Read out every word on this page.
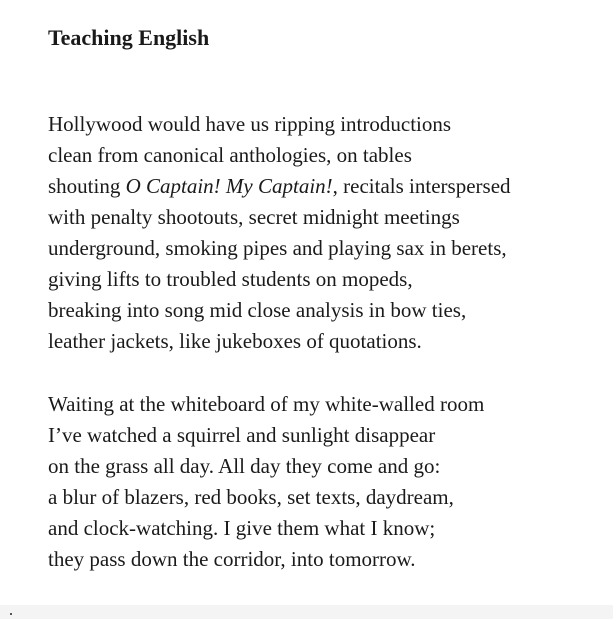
Teaching English
Hollywood would have us ripping introductions
clean from canonical anthologies, on tables
shouting O Captain! My Captain!, recitals interspersed
with penalty shootouts, secret midnight meetings
underground, smoking pipes and playing sax in berets,
giving lifts to troubled students on mopeds,
breaking into song mid close analysis in bow ties,
leather jackets, like jukeboxes of quotations.
Waiting at the whiteboard of my white-walled room
I’ve watched a squirrel and sunlight disappear
on the grass all day. All day they come and go:
a blur of blazers, red books, set texts, daydream,
and clock-watching. I give them what I know;
they pass down the corridor, into tomorrow.
